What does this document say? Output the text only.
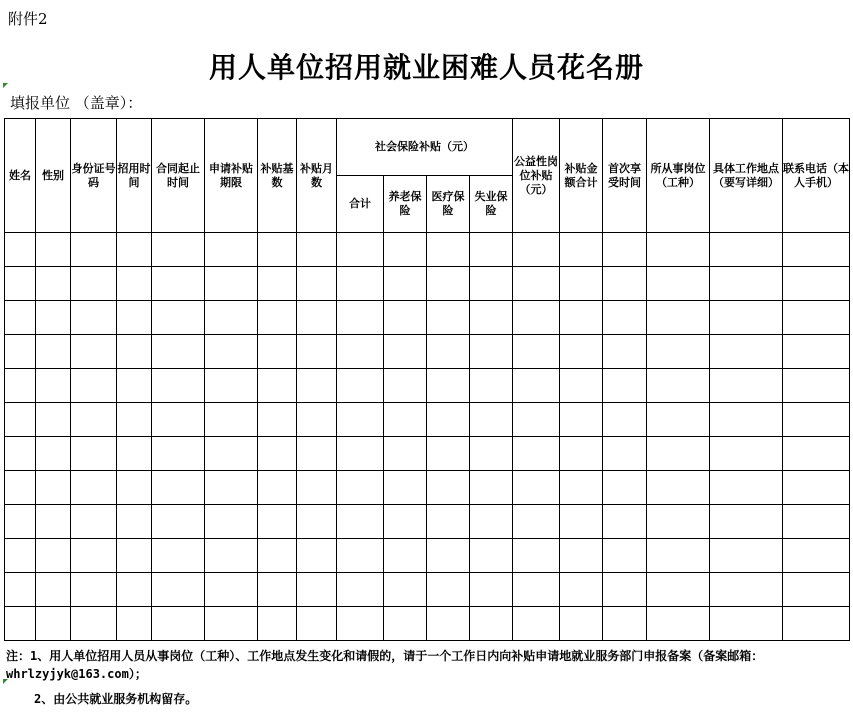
附件2
用人单位招用就业困难人员花名册
填报单位 （盖章）：
姓名	性别	身份证号码	招用时间	合同起止时间	申请补贴期限	补贴基数	补贴月数	社会保险补贴（元）				公益性岗位补贴（元）	补贴金额合计	首次享受时间	所从事岗位（工种）	具体工作地点（要写详细）	联系电话（本人手机）
								合计	养老保险	医疗保险	失业保险						

注：1、用人单位招用人员从事岗位（工种）、工作地点发生变化和请假的，请于一个工作日内向补贴申请地就业服务部门申报备案（备案邮箱：whrlzyjyk@163.com）；
2、由公共就业服务机构留存。
